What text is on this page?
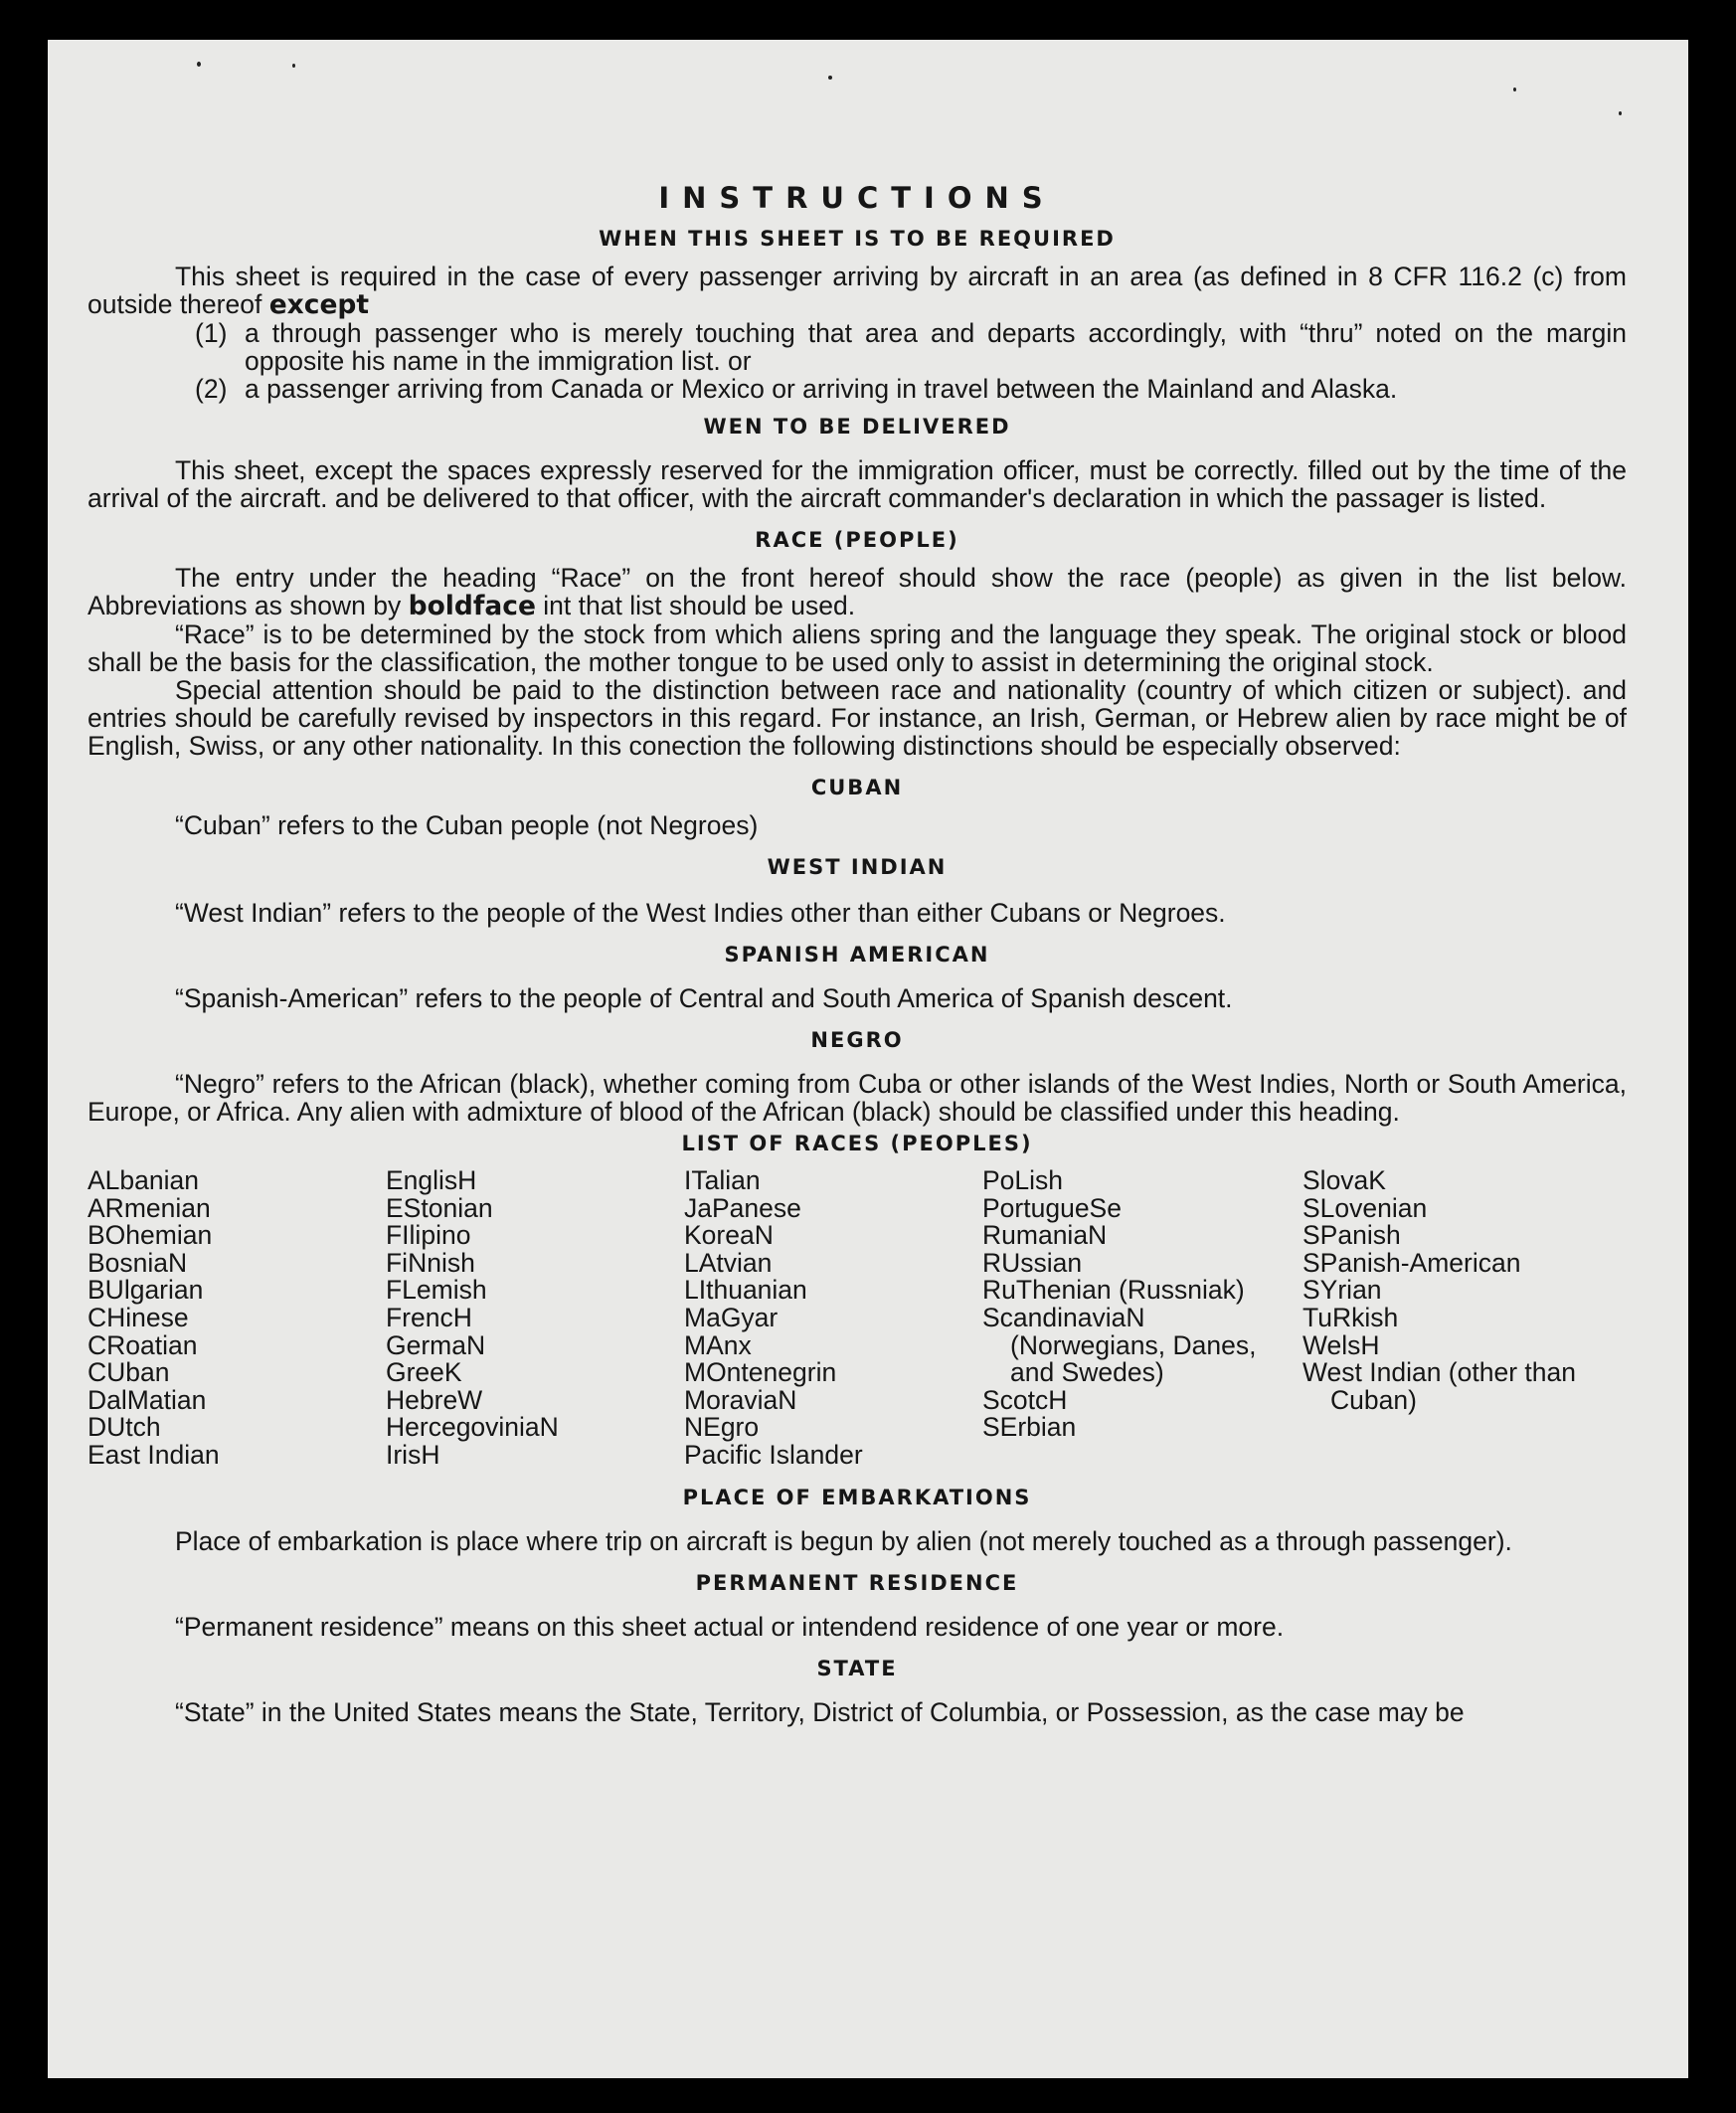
INSTRUCTIONS
WHEN THIS SHEET IS TO BE REQUIRED

This sheet is required in the case of every passenger arriving by aircraft in an area (as defined in 8 CFR 116.2 (c) from outside thereof except

(1) a through passenger who is merely touching that area and departs accordingly, with “thru” noted on the margin opposite his name in the immigration list. or
(2) a passenger arriving from Canada or Mexico or arriving in travel between the Mainland and Alaska.
WEN TO BE DELIVERED

This sheet, except the spaces expressly reserved for the immigration officer, must be correctly. filled out by the time of the arrival of the aircraft. and be delivered to that officer, with the aircraft commander's declaration in which the passager is listed.

RACE (PEOPLE)

The entry under the heading “Race” on the front hereof should show the race (people) as given in the list below. Abbreviations as shown by boldface int that list should be used.

“Race” is to be determined by the stock from which aliens spring and the language they speak. The original stock or blood shall be the basis for the classification, the mother tongue to be used only to assist in determining the original stock.

Special attention should be paid to the distinction between race and nationality (country of which citizen or subject). and entries should be carefully revised by inspectors in this regard. For instance, an Irish, German, or Hebrew alien by race might be of English, Swiss, or any other nationality. In this conection the following distinctions should be especially observed:

CUBAN

“Cuban” refers to the Cuban people (not Negroes)

WEST INDIAN

“West Indian” refers to the people of the West Indies other than either Cubans or Negroes.

SPANISH AMERICAN

“Spanish-American” refers to the people of Central and South America of Spanish descent.

NEGRO

“Negro” refers to the African (black), whether coming from Cuba or other islands of the West Indies, North or South America, Europe, or Africa. Any alien with admixture of blood of the African (black) should be classified under this heading.

LIST OF RACES (PEOPLES)
ALbanian
ARmenian
BOhemian
BosniaN
BUlgarian
CHinese
CRoatian
CUban
DalMatian
DUtch
East Indian
EnglisH
EStonian
FIlipino
FiNnish
FLemish
FrencH
GermaN
GreeK
HebreW
HercegoviniaN
IrisH
ITalian
JaPanese
KoreaN
LAtvian
LIthuanian
MaGyar
MAnx
MOntenegrin
MoraviaN
NEgro
Pacific Islander
PoLish
PortugueSe
RumaniaN
RUssian
RuThenian (Russniak)
ScandinaviaN (Norwegians, Danes, and Swedes)
ScotcH
SErbian
SlovaK
SLovenian
SPanish
SPanish-American
SYrian
TuRkish
WelsH
West Indian (other than Cuban)
PLACE OF EMBARKATIONS

Place of embarkation is place where trip on aircraft is begun by alien (not merely touched as a through passenger).

PERMANENT RESIDENCE

“Permanent residence” means on this sheet actual or intendend residence of one year or more.

STATE

“State” in the United States means the State, Territory, District of Columbia, or Possession, as the case may be
